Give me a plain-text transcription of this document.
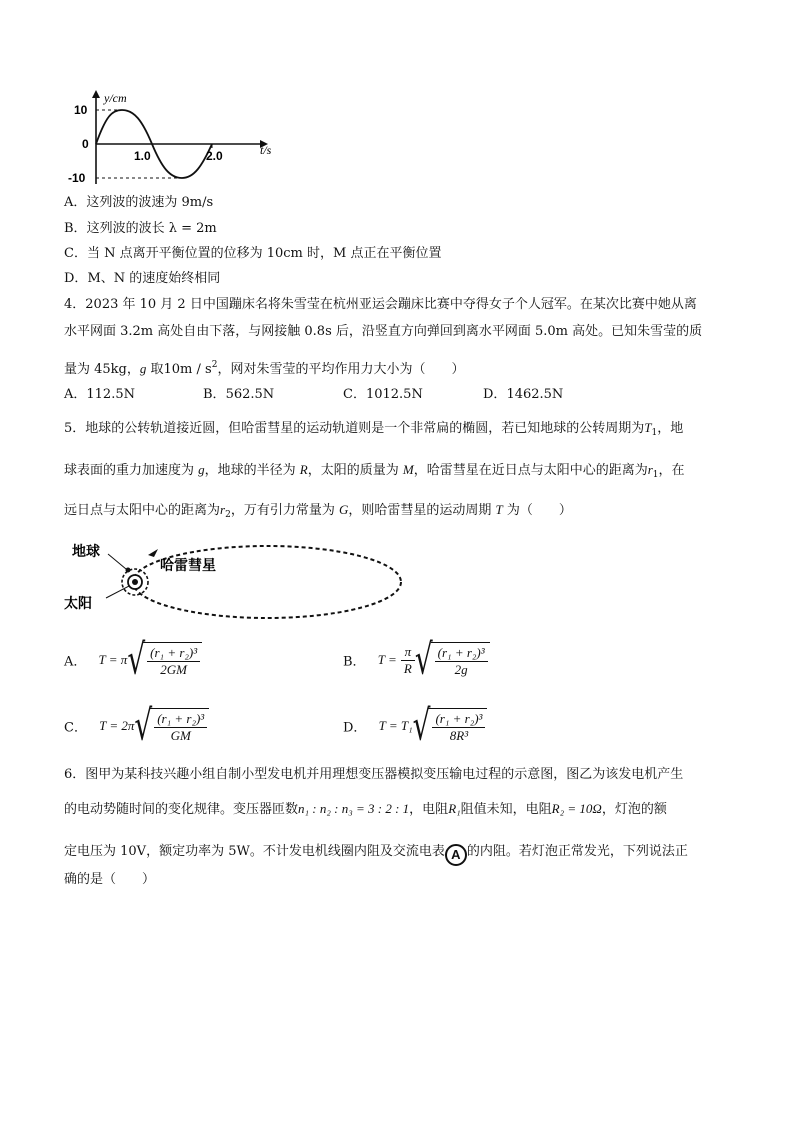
y/cm
t/s
10
0
-10
1.0	2.0
A．这列波的波速为 9m/s
B．这列波的波长 λ = 2m
C．当 N 点离开平衡位置的位移为 10cm 时，M 点正在平衡位置
D．M、N 的速度始终相同
4．2023 年 10 月 2 日中国蹦床名将朱雪莹在杭州亚运会蹦床比赛中夺得女子个人冠军。在某次比赛中她从离
水平网面 3.2m 高处自由下落，与网接触 0.8s 后，沿竖直方向弹回到离水平网面 5.0m 高处。已知朱雪莹的质
量为 45kg，g 取$10m / s^2$，网对朱雪莹的平均作用力大小为（　　）
A．112.5N	B．562.5N	C．1012.5N	D．1462.5N
5．地球的公转轨道接近圆，但哈雷彗星的运动轨道则是一个非常扁的椭圆，若已知地球的公转周期为$T_1$，地
球表面的重力加速度为 g，地球的半径为 R，太阳的质量为 M，哈雷彗星在近日点与太阳中心的距离为$r_1$，在
远日点与太阳中心的距离为$r_2$，万有引力常量为 G，则哈雷彗星的运动周期 T 为（　　）
地球
哈雷彗星
太阳
A． $T = \pi√ \frac{\text{(r₁ + r₂)³}}{2GM}$	B． $T = \frac{\pi}{R}$ √ $\frac{\text{(r₁ + r₂)³}}{2g}$
C． $T = 2\pi√ \frac{\text{(r₁ + r₂)³}}{GM}$	D． $T = T_1√ \frac{\text{(r₁ + r₂)³}}{\text{8R³}}$
6．图甲为某科技兴趣小组自制小型发电机并用理想变压器模拟变压输电过程的示意图，图乙为该发电机产生
的电动势随时间的变化规律。变压器匝数n₁ : n₂ : n₃ = 3 : 2 : 1，电阻R₁阻值未知，电阻R₂ = 10Ω，灯泡的额
定电压为 10V，额定功率为 5W。不计发电机线圈内阻及交流电表 A 的内阻。若灯泡正常发光，下列说法正
确的是（　　）
